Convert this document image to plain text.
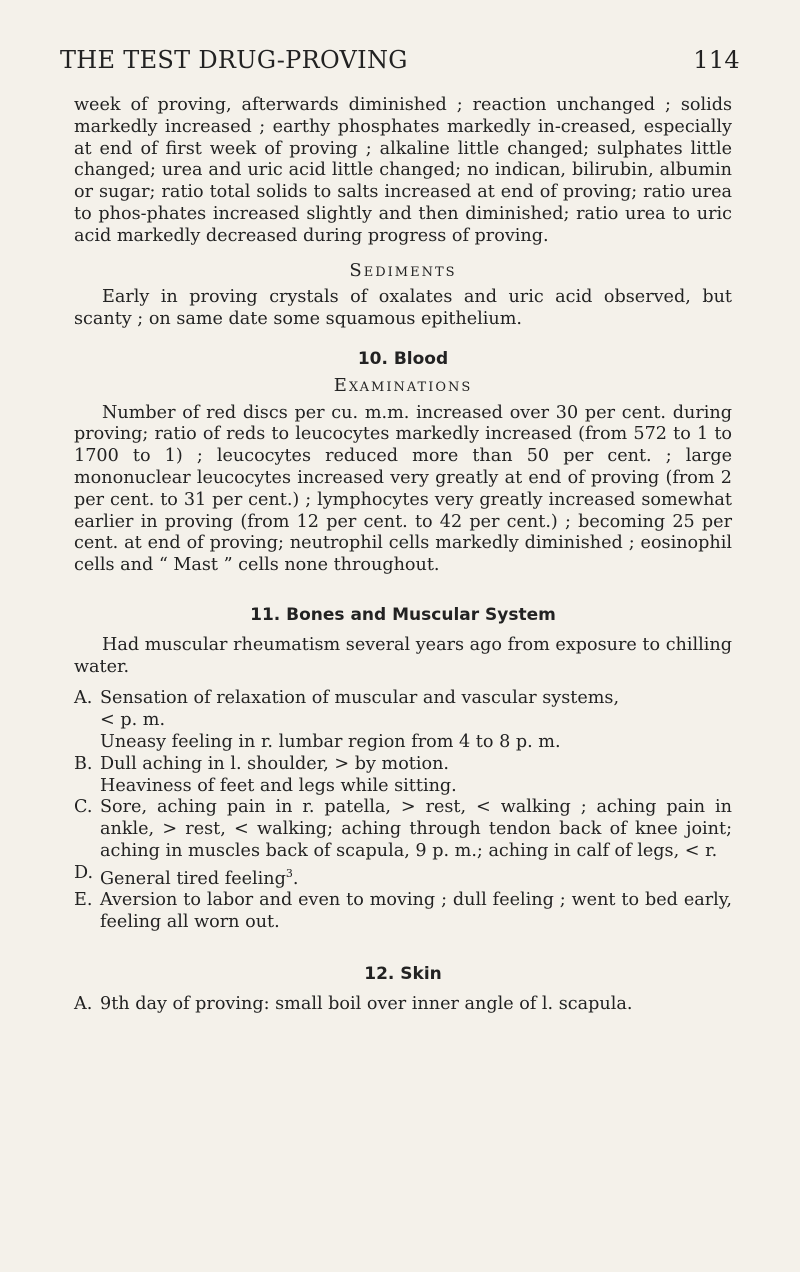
THE TEST DRUG-PROVING	114

week of proving, afterwards diminished ; reaction unchanged ; solids markedly increased ; earthy phosphates markedly in-creased, especially at end of first week of proving ; alkaline little changed; sulphates little changed; urea and uric acid little changed; no indican, bilirubin, albumin or sugar; ratio total solids to salts increased at end of proving; ratio urea to phos-phates increased slightly and then diminished; ratio urea to uric acid markedly decreased during progress of proving.

Sediments

Early in proving crystals of oxalates and uric acid observed, but scanty ; on same date some squamous epithelium.

10. Blood
Examinations

Number of red discs per cu. m.m. increased over 30 per cent. during proving; ratio of reds to leucocytes markedly increased (from 572 to 1 to 1700 to 1) ; leucocytes reduced more than 50 per cent. ; large mononuclear leucocytes increased very greatly at end of proving (from 2 per cent. to 31 per cent.) ; lymphocytes very greatly increased somewhat earlier in proving (from 12 per cent. to 42 per cent.) ; becoming 25 per cent. at end of proving; neutrophil cells markedly diminished ; eosinophil cells and “ Mast ” cells none throughout.

11. Bones and Muscular System

Had muscular rheumatism several years ago from exposure to chilling water.

A. Sensation of relaxation of muscular and vascular systems,
< p. m.
Uneasy feeling in r. lumbar region from 4 to 8 p. m.
B. Dull aching in l. shoulder, > by motion.
Heaviness of feet and legs while sitting.
C. Sore, aching pain in r. patella, > rest, < walking ; aching pain in ankle, > rest, < walking; aching through tendon back of knee joint; aching in muscles back of scapula, 9 p. m.; aching in calf of legs, < r.
D. General tired feeling$^3$.
E. Aversion to labor and even to moving ; dull feeling ; went to bed early, feeling all worn out.
12. Skin
A. 9th day of proving: small boil over inner angle of l. scapula.
